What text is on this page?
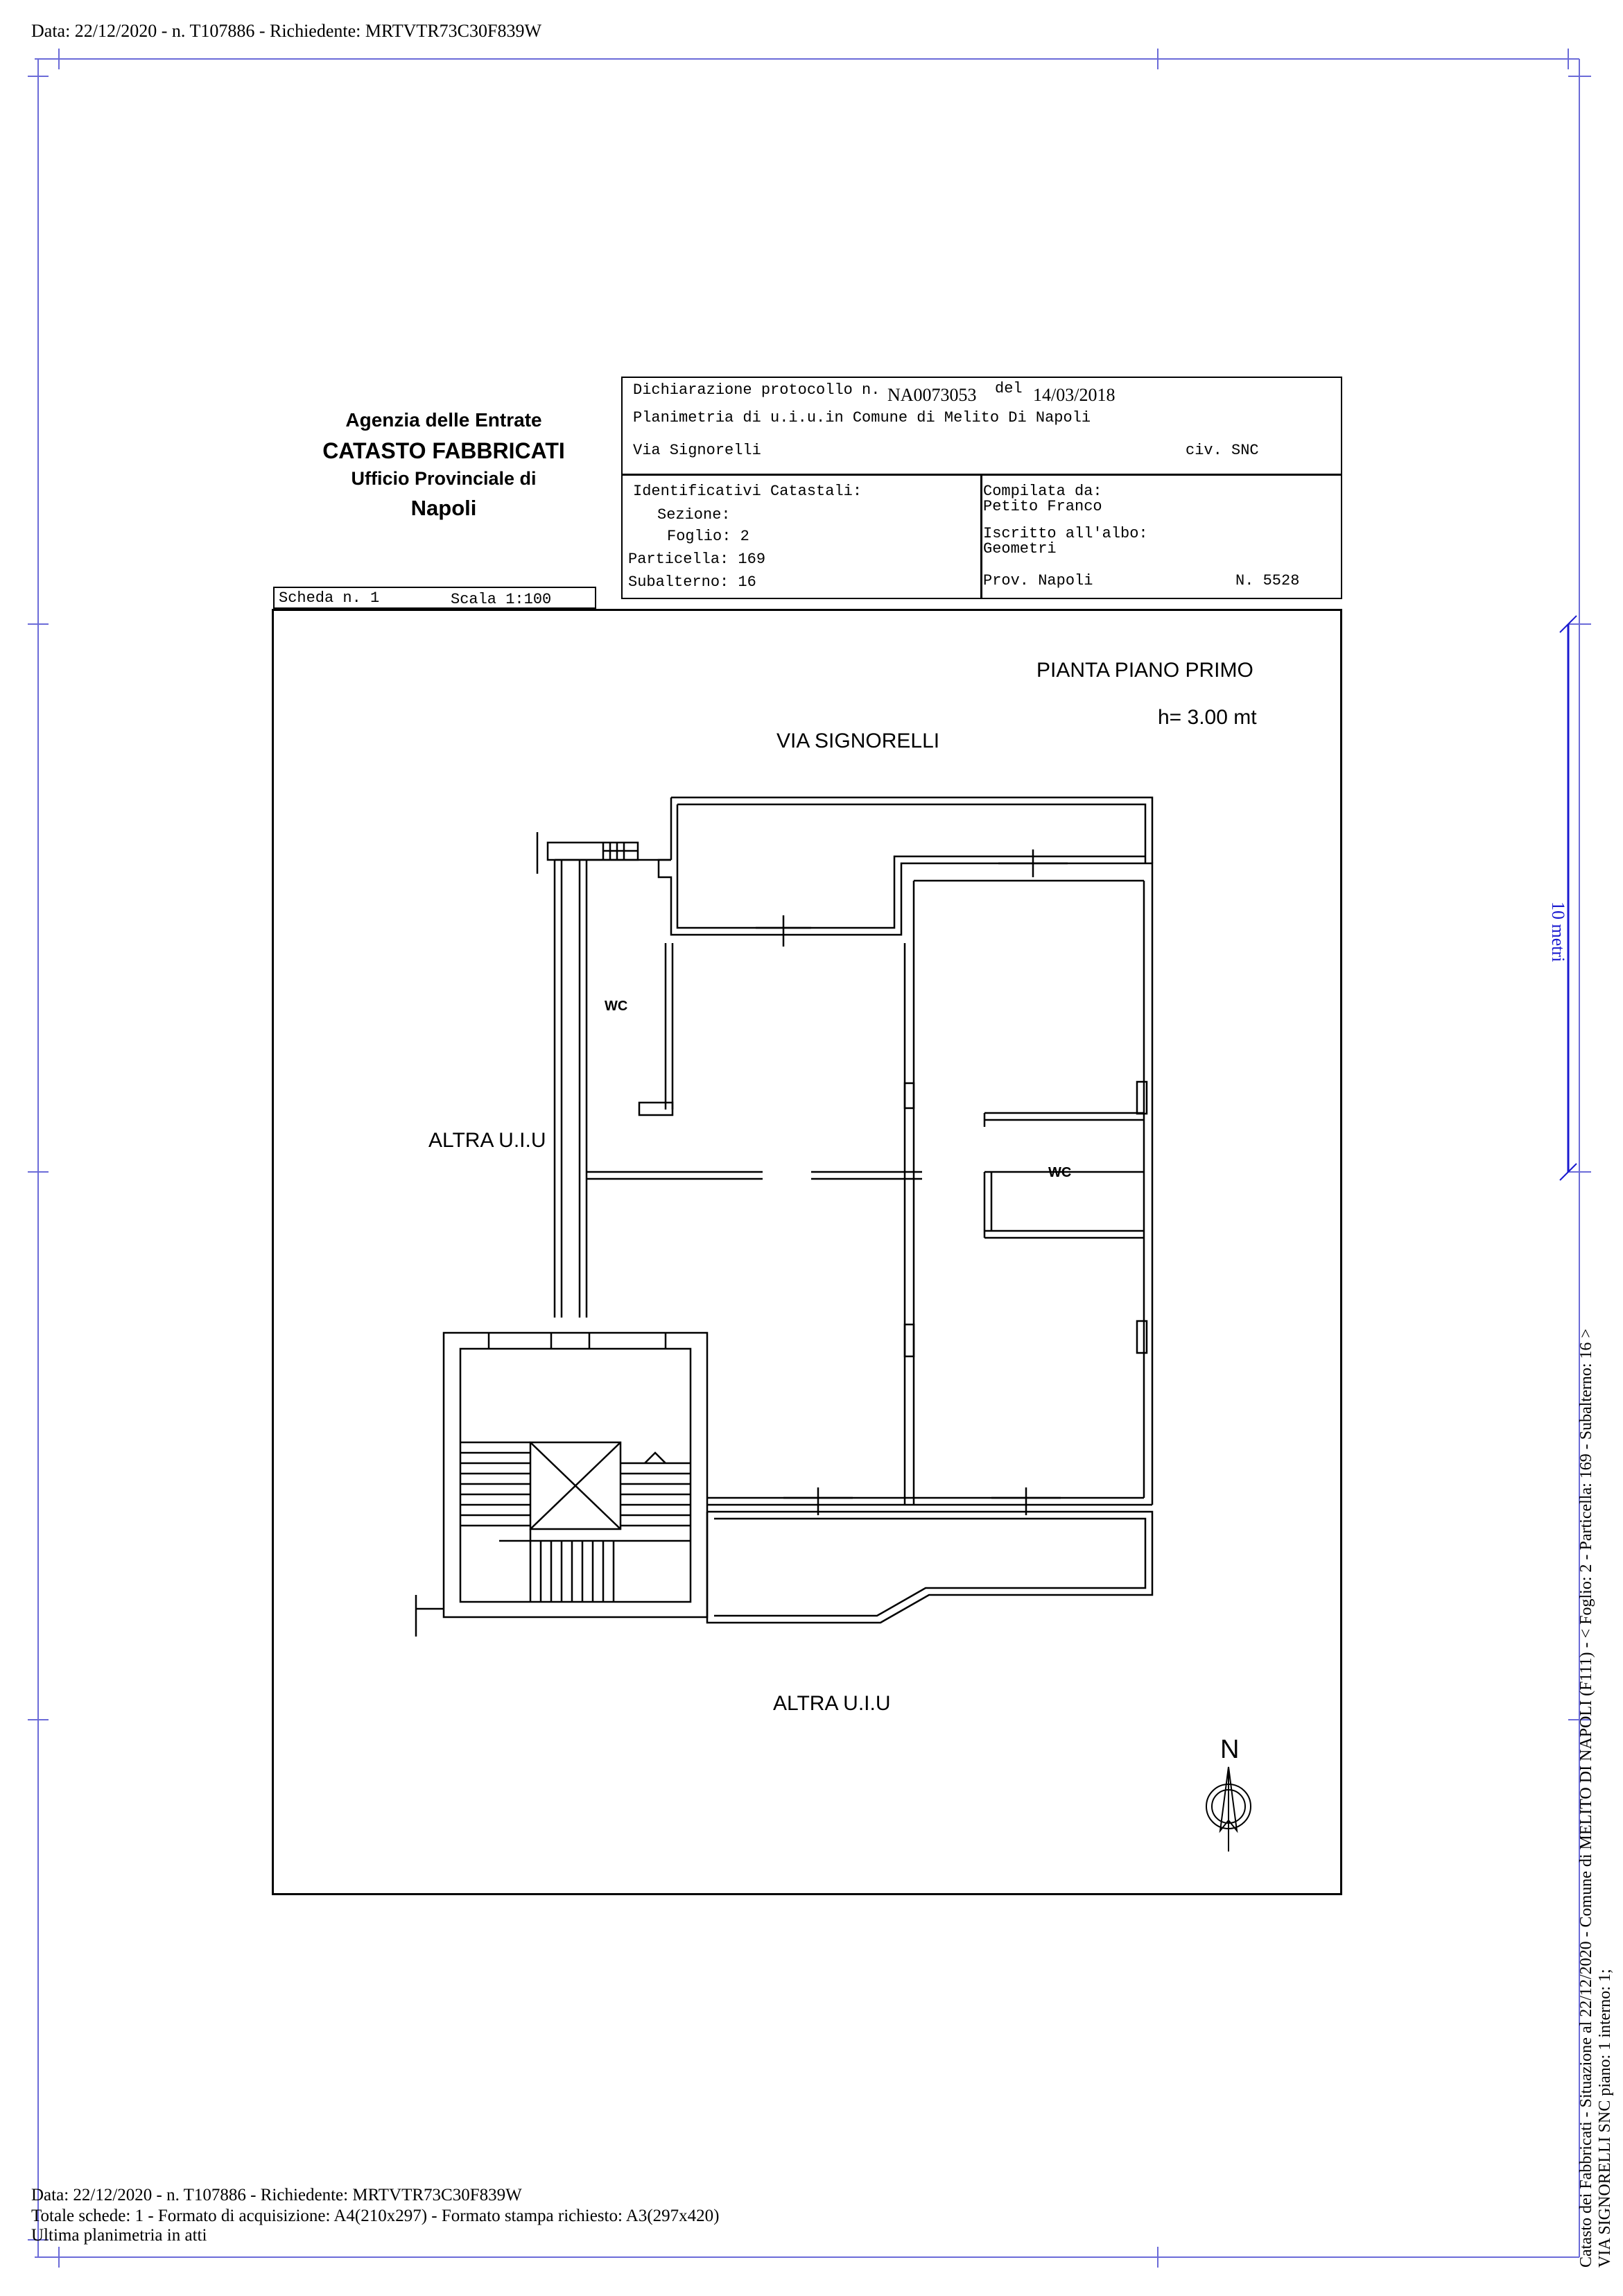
Data: 22/12/2020 - n. T107886 - Richiedente: MRTVTR73C30F839W
Agenzia delle Entrate
CATASTO FABBRICATI
Ufficio Provinciale di
Napoli
Dichiarazione protocollo n. NA0073053 del 14/03/2018
Planimetria di u.i.u.in Comune di Melito Di Napoli
Via Signorelli	civ. SNC
Identificativi Catastali:
Sezione:
Foglio: 2
Particella: 169
Subalterno: 16
Compilata da:
Petito Franco
Iscritto all'albo:
Geometri
Prov. Napoli	N. 5528
Scheda n. 1	Scala 1:100
PIANTA PIANO PRIMO
h= 3.00 mt
VIA SIGNORELLI
WC
WC
ALTRA U.I.U
ALTRA U.I.U
N
10 metri
Catasto dei Fabbricati - Situazione al 22/12/2020 - Comune di MELITO DI NAPOLI (F111) - < Foglio: 2 - Particella: 169 - Subalterno: 16 > VIA SIGNORELLI SNC piano: 1 interno: 1;
Data: 22/12/2020 - n. T107886 - Richiedente: MRTVTR73C30F839W
Totale schede: 1 - Formato di acquisizione: A4(210x297) - Formato stampa richiesto: A3(297x420)
Ultima planimetria in atti
